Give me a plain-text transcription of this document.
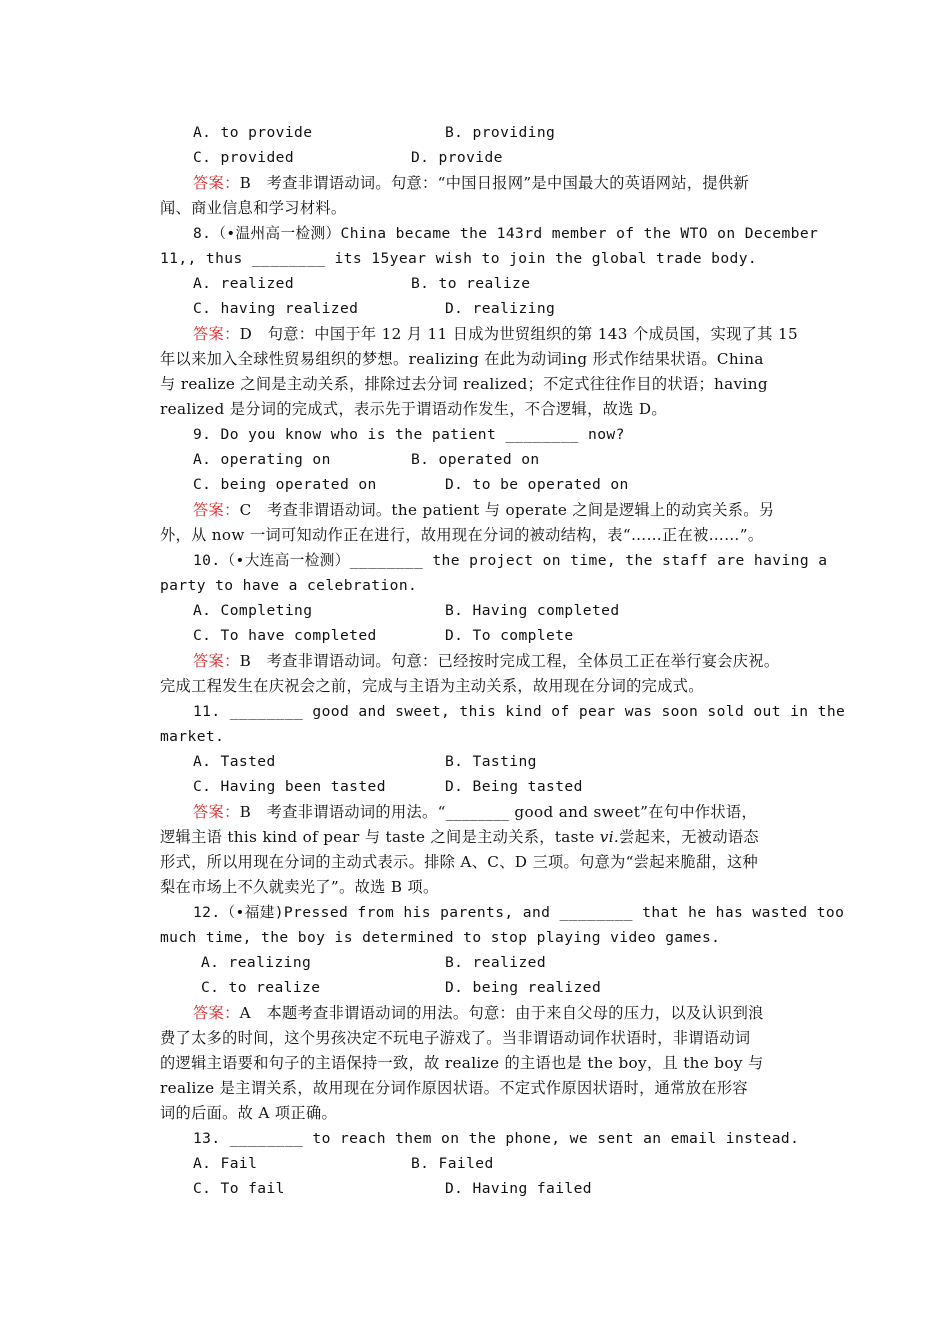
A. to provide	B. providing
C. provided	D. provide
答案：B　考查非谓语动词。句意：“中国日报网”是中国最大的英语网站，提供新
闻、商业信息和学习材料。
8.（•温州高一检测）China became the 143rd member of the WTO on December
11,, thus ________ its 15year wish to join the global trade body.
A. realized	B. to realize
C. having realized	D. realizing
答案：D　句意：中国于年 12 月 11 日成为世贸组织的第 143 个成员国，实现了其 15
年以来加入全球性贸易组织的梦想。realizing 在此为动词ing 形式作结果状语。China
与 realize 之间是主动关系，排除过去分词 realized；不定式往往作目的状语；having
realized 是分词的完成式，表示先于谓语动作发生，不合逻辑，故选 D。
9. Do you know who is the patient ________ now?
A. operating on	B. operated on
C. being operated on	D. to be operated on
答案：C　考查非谓语动词。the patient 与 operate 之间是逻辑上的动宾关系。另
外，从 now 一词可知动作正在进行，故用现在分词的被动结构，表“……正在被……”。
10.（•大连高一检测）________ the project on time, the staff are having a
party to have a celebration.
A. Completing	B. Having completed
C. To have completed	D. To complete
答案：B　考查非谓语动词。句意：已经按时完成工程，全体员工正在举行宴会庆祝。
完成工程发生在庆祝会之前，完成与主语为主动关系，故用现在分词的完成式。
11. ________ good and sweet, this kind of pear was soon sold out in the
market.
A. Tasted	B. Tasting
C. Having been tasted	D. Being tasted
答案：B　考查非谓语动词的用法。“________ good and sweet”在句中作状语，
逻辑主语 this kind of pear 与 taste 之间是主动关系，taste vi.尝起来，无被动语态
形式，所以用现在分词的主动式表示。排除 A、C、D 三项。句意为“尝起来脆甜，这种
梨在市场上不久就卖光了”。故选 B 项。
12.（•福建)Pressed from his parents, and ________ that he has wasted too
much time, the boy is determined to stop playing video games.
A. realizing	B. realized
C. to realize	D. being realized
答案：A　本题考查非谓语动词的用法。句意：由于来自父母的压力，以及认识到浪
费了太多的时间，这个男孩决定不玩电子游戏了。当非谓语动词作状语时，非谓语动词
的逻辑主语要和句子的主语保持一致，故 realize 的主语也是 the boy，且 the boy 与
realize 是主谓关系，故用现在分词作原因状语。不定式作原因状语时，通常放在形容
词的后面。故 A 项正确。
13. ________ to reach them on the phone, we sent an email instead.
A. Fail	B. Failed
C. To fail	D. Having failed
